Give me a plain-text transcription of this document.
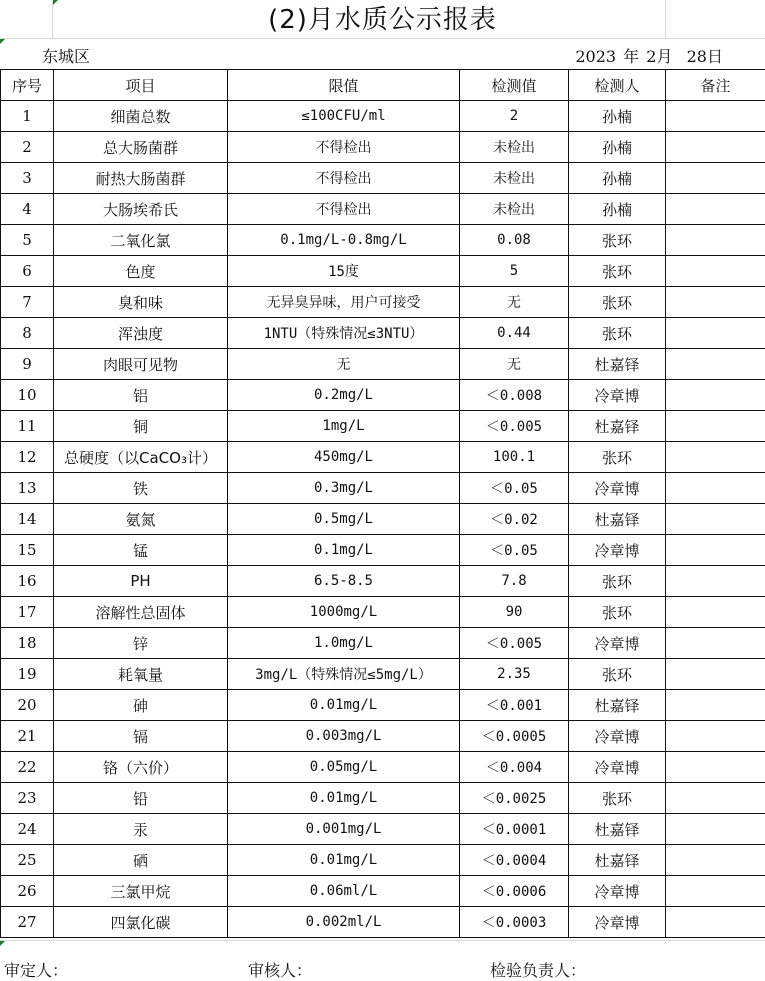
(2)月水质公示报表
东城区	2023 年 2月 28日
序号	项目	限值	检测值	检测人	备注
1	细菌总数	≤100CFU/ml	2	孙楠	
2	总大肠菌群	不得检出	未检出	孙楠	
3	耐热大肠菌群	不得检出	未检出	孙楠	
4	大肠埃希氏	不得检出	未检出	孙楠	
5	二氧化氯	0.1mg/L-0.8mg/L	0.08	张环	
6	色度	15度	5	张环	
7	臭和味	无异臭异味，用户可接受	无	张环	
8	浑浊度	1NTU（特殊情况≤3NTU）	0.44	张环	
9	肉眼可见物	无	无	杜嘉铎	
10	铝	0.2mg/L	＜0.008	冷章博	
11	铜	1mg/L	＜0.005	杜嘉铎	
12	总硬度（以CaCO₃计）	450mg/L	100.1	张环	
13	铁	0.3mg/L	＜0.05	冷章博	
14	氨氮	0.5mg/L	＜0.02	杜嘉铎	
15	锰	0.1mg/L	＜0.05	冷章博	
16	PH	6.5-8.5	7.8	张环	
17	溶解性总固体	1000mg/L	90	张环	
18	锌	1.0mg/L	＜0.005	冷章博	
19	耗氧量	3mg/L（特殊情况≤5mg/L）	2.35	张环	
20	砷	0.01mg/L	＜0.001	杜嘉铎	
21	镉	0.003mg/L	＜0.0005	冷章博	
22	铬（六价）	0.05mg/L	＜0.004	冷章博	
23	铅	0.01mg/L	＜0.0025	张环	
24	汞	0.001mg/L	＜0.0001	杜嘉铎	
25	硒	0.01mg/L	＜0.0004	杜嘉铎	
26	三氯甲烷	0.06ml/L	＜0.0006	冷章博	
27	四氯化碳	0.002ml/L	＜0.0003	冷章博	
审定人：	审核人：	检验负责人：
